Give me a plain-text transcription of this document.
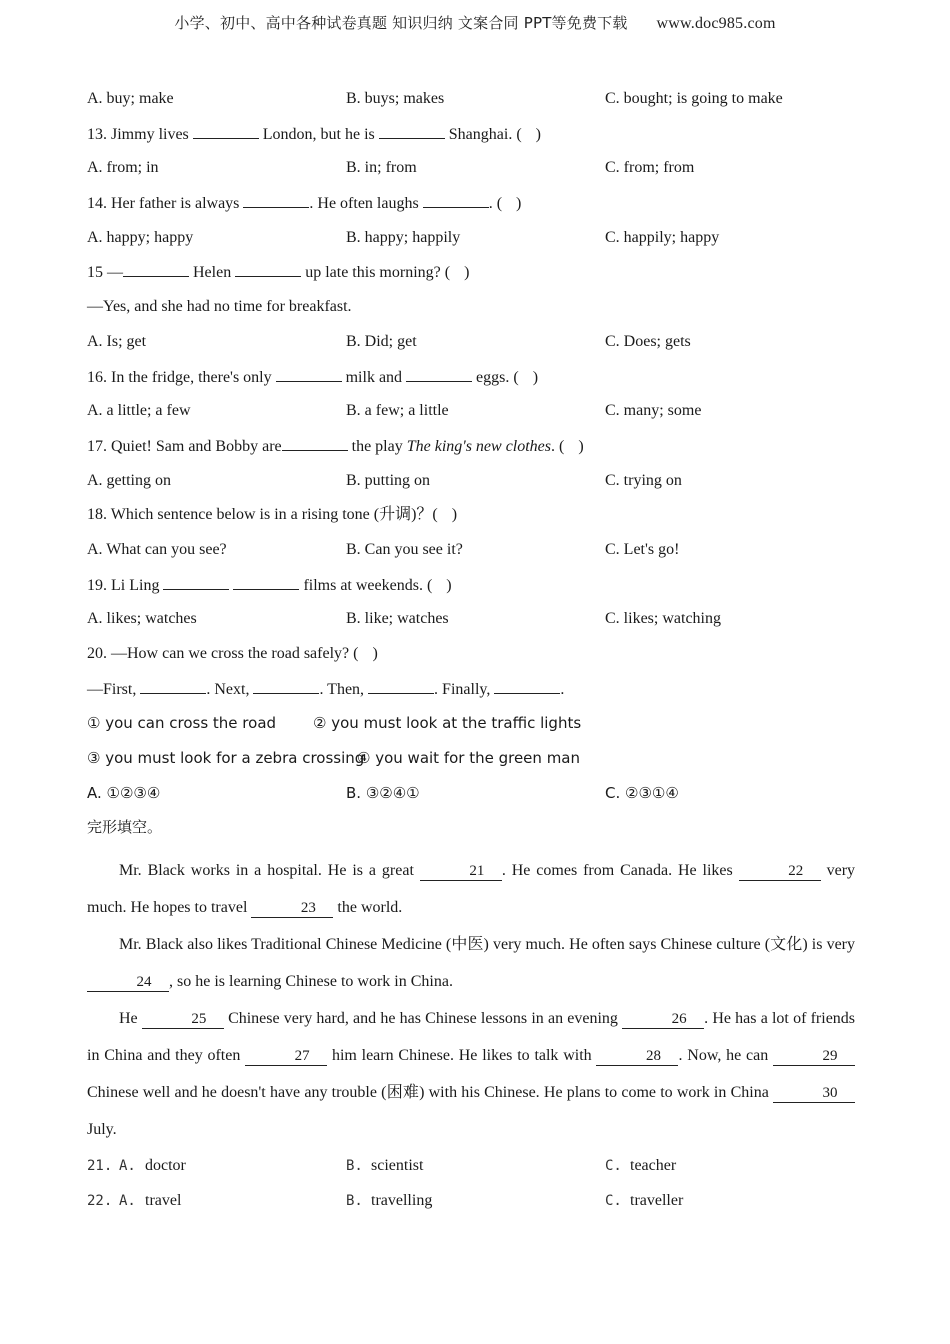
小学、初中、高中各种试卷真题 知识归纳 文案合同 PPT等免费下载 www.doc985.com
A. buy; make	B. buys; makes	C. bought; is going to make
13. Jimmy lives	London, but he is	Shanghai. ( )
A. from; in	B. in; from	C. from; from
14. Her father is always	. He often laughs	. ( )
A. happy; happy	B. happy; happily	C. happily; happy
15 —	Helen	up late this morning? ( )
—Yes, and she had no time for breakfast.
A. Is; get	B. Did; get	C. Does; gets
16. In the fridge, there's only	milk and	eggs. ( )
A. a little; a few	B. a few; a little	C. many; some
17. Quiet! Sam and Bobby are	the play The king's new clothes. ( )
A. getting on	B. putting on	C. trying on
18. Which sentence below is in a rising tone (升调)？( )
A. What can you see?	B. Can you see it?	C. Let's go!
19. Li Ling	films at weekends. ( )
A. likes; watches	B. like; watches	C. likes; watching
20. —How can we cross the road safely? ( )
—First,	. Next,	. Then,	. Finally,	.
① you can cross the road ② you must look at the traffic lights
③ you must look for a zebra crossing
④ you wait for the green man
A. ①②③④	B. ③②④①	C. ②③①④
完形填空。

Mr. Black works in a hospital. He is a great	21 . He comes from Canada. He likes	22 very much. He hopes to travel	23 the world.

Mr. Black also likes Traditional Chinese Medicine (中医) very much. He often says Chinese culture (文化) is very 24 , so he is learning Chinese to work in China.

He	25 Chinese very hard, and he has Chinese lessons in an evening	26 . He has a lot of friends in China and they often	27 him learn Chinese. He likes to talk with	28 . Now, he can	29 Chinese well and he doesn't have any trouble (困难) with his Chinese. He plans to come to work in China	30 July.

21. A. doctor	B. scientist	C. teacher
22. A. travel	B. travelling	C. traveller
